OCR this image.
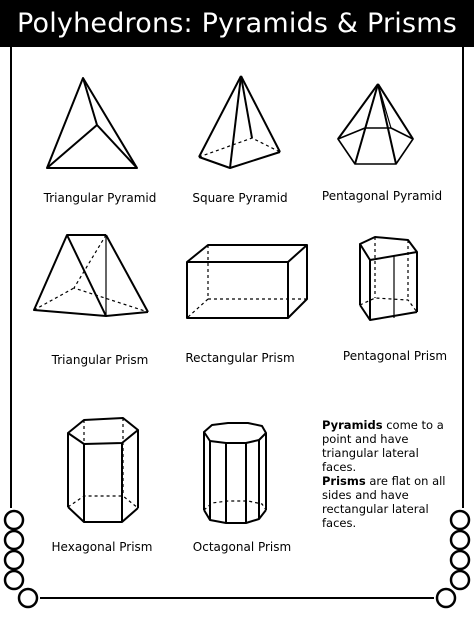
Polyhedrons: Pyramids & Prisms
Triangular Pyramid	Square Pyramid	Pentagonal Pyramid
Triangular Prism	Rectangular Prism	Pentagonal Prism
Hexagonal Prism	Octagonal Prism
Pyramids come to a point and have triangular lateral faces.
Prisms are flat on all sides and have rectangular lateral faces.
